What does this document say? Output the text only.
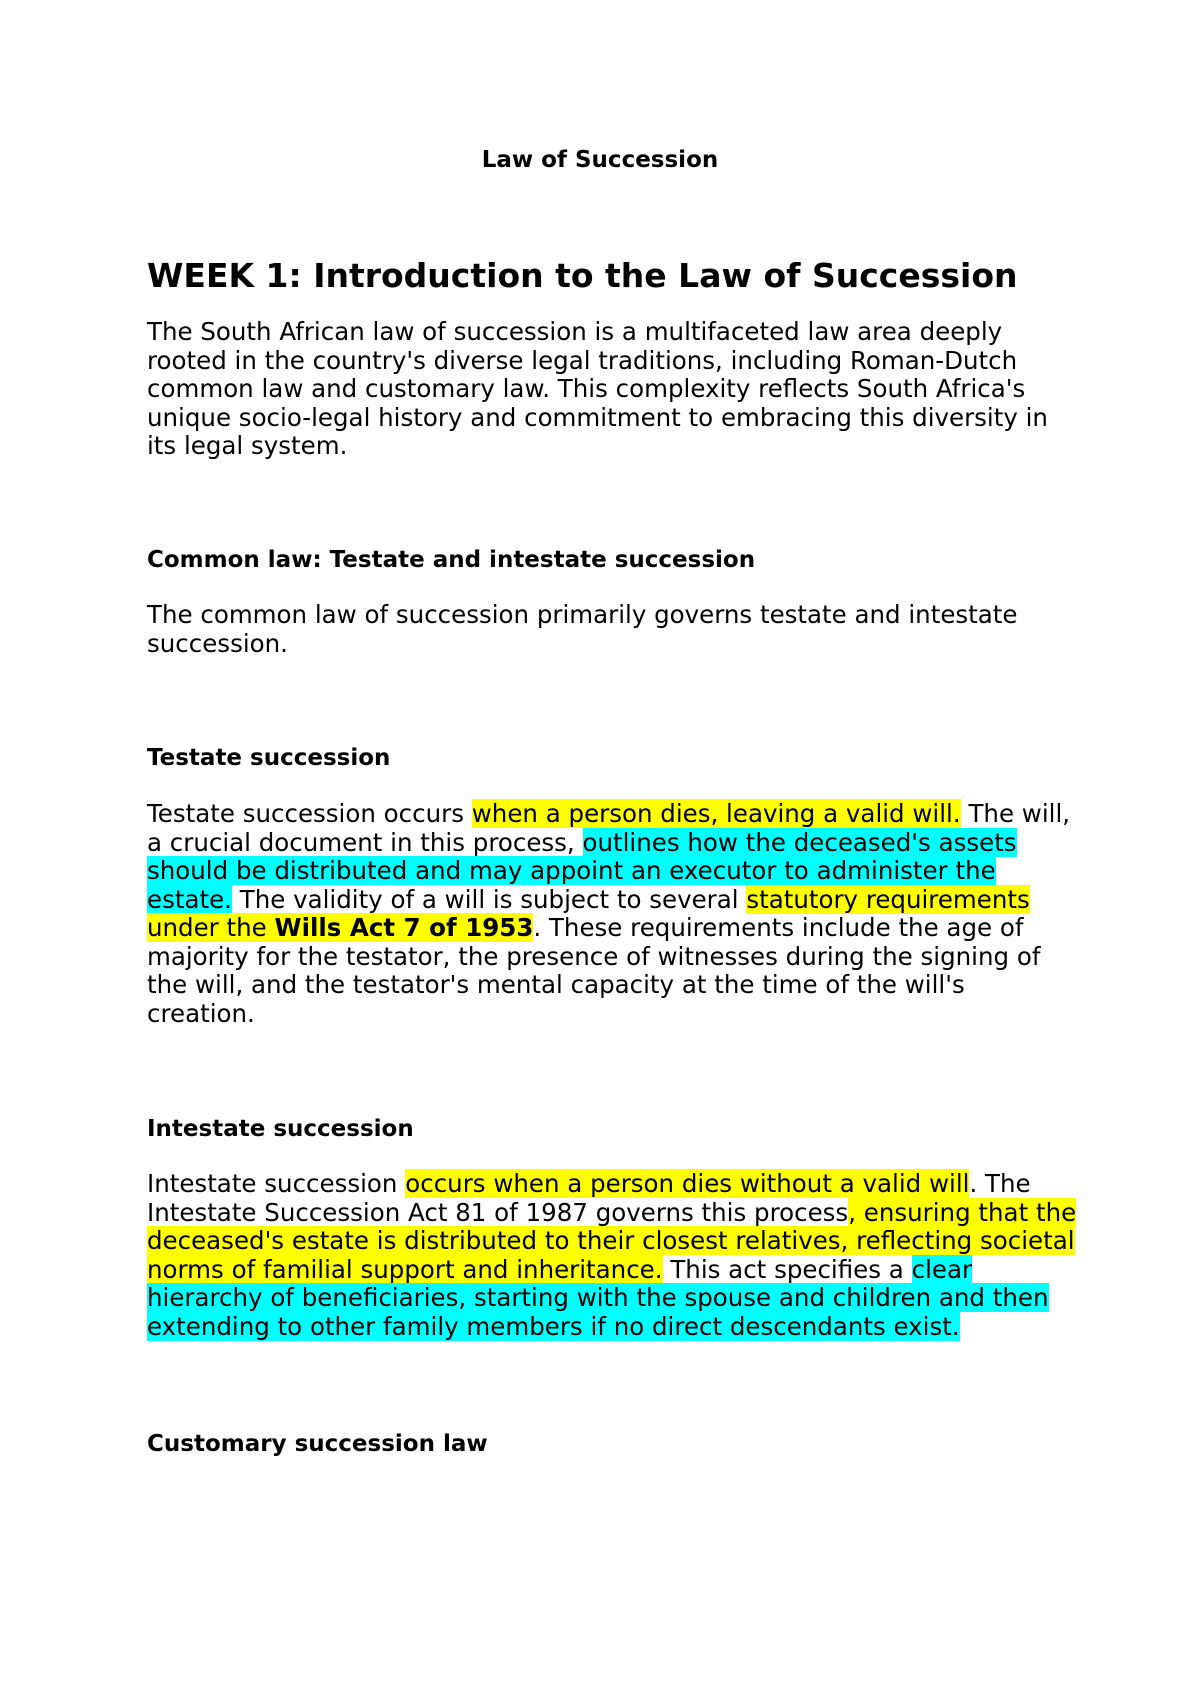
Law of Succession
WEEK 1: Introduction to the Law of Succession

The South African law of succession is a multifaceted law area deeply rooted in the country's diverse legal traditions, including Roman-Dutch common law and customary law. This complexity reflects South Africa's unique socio-legal history and commitment to embracing this diversity in its legal system.

Common law: Testate and intestate succession

The common law of succession primarily governs testate and intestate succession.

Testate succession

Testate succession occurs when a person dies, leaving a valid will. The will, a crucial document in this process, outlines how the deceased's assets should be distributed and may appoint an executor to administer the estate. The validity of a will is subject to several statutory requirements under the Wills Act 7 of 1953. These requirements include the age of majority for the testator, the presence of witnesses during the signing of the will, and the testator's mental capacity at the time of the will's creation.

Intestate succession

Intestate succession occurs when a person dies without a valid will. The Intestate Succession Act 81 of 1987 governs this process, ensuring that the deceased's estate is distributed to their closest relatives, reflecting societal norms of familial support and inheritance. This act specifies a clear hierarchy of beneficiaries, starting with the spouse and children and then extending to other family members if no direct descendants exist.

Customary succession law
